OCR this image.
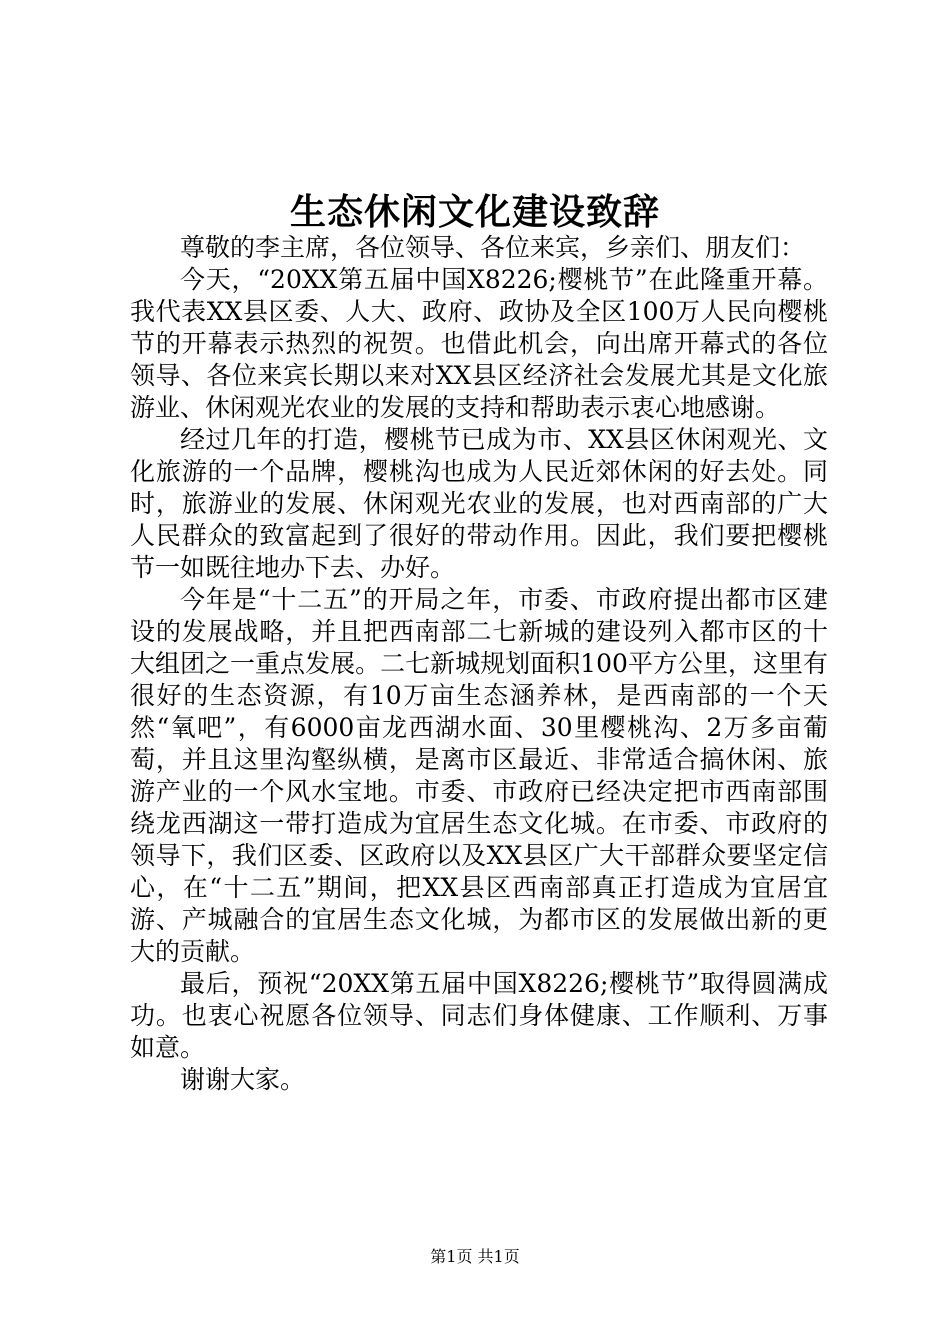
生态休闲文化建设致辞

尊敬的李主席，各位领导、各位来宾，乡亲们、朋友们：

今天，“20XX第五届中国X8226;樱桃节”在此隆重开幕。我代表XX县区委、人大、政府、政协及全区100万人民向樱桃节的开幕表示热烈的祝贺。也借此机会，向出席开幕式的各位领导、各位来宾长期以来对XX县区经济社会发展尤其是文化旅游业、休闲观光农业的发展的支持和帮助表示衷心地感谢。

经过几年的打造，樱桃节已成为市、XX县区休闲观光、文化旅游的一个品牌，樱桃沟也成为人民近郊休闲的好去处。同时，旅游业的发展、休闲观光农业的发展，也对西南部的广大人民群众的致富起到了很好的带动作用。因此，我们要把樱桃节一如既往地办下去、办好。

今年是“十二五”的开局之年，市委、市政府提出都市区建设的发展战略，并且把西南部二七新城的建设列入都市区的十大组团之一重点发展。二七新城规划面积100平方公里，这里有很好的生态资源，有10万亩生态涵养林，是西南部的一个天然“氧吧”，有6000亩龙西湖水面、30里樱桃沟、2万多亩葡萄，并且这里沟壑纵横，是离市区最近、非常适合搞休闲、旅游产业的一个风水宝地。市委、市政府已经决定把市西南部围绕龙西湖这一带打造成为宜居生态文化城。在市委、市政府的领导下，我们区委、区政府以及XX县区广大干部群众要坚定信心，在“十二五”期间，把XX县区西南部真正打造成为宜居宜游、产城融合的宜居生态文化城，为都市区的发展做出新的更大的贡献。

最后，预祝“20XX第五届中国X8226;樱桃节”取得圆满成功。也衷心祝愿各位领导、同志们身体健康、工作顺利、万事如意。

谢谢大家。

第1页 共1页
